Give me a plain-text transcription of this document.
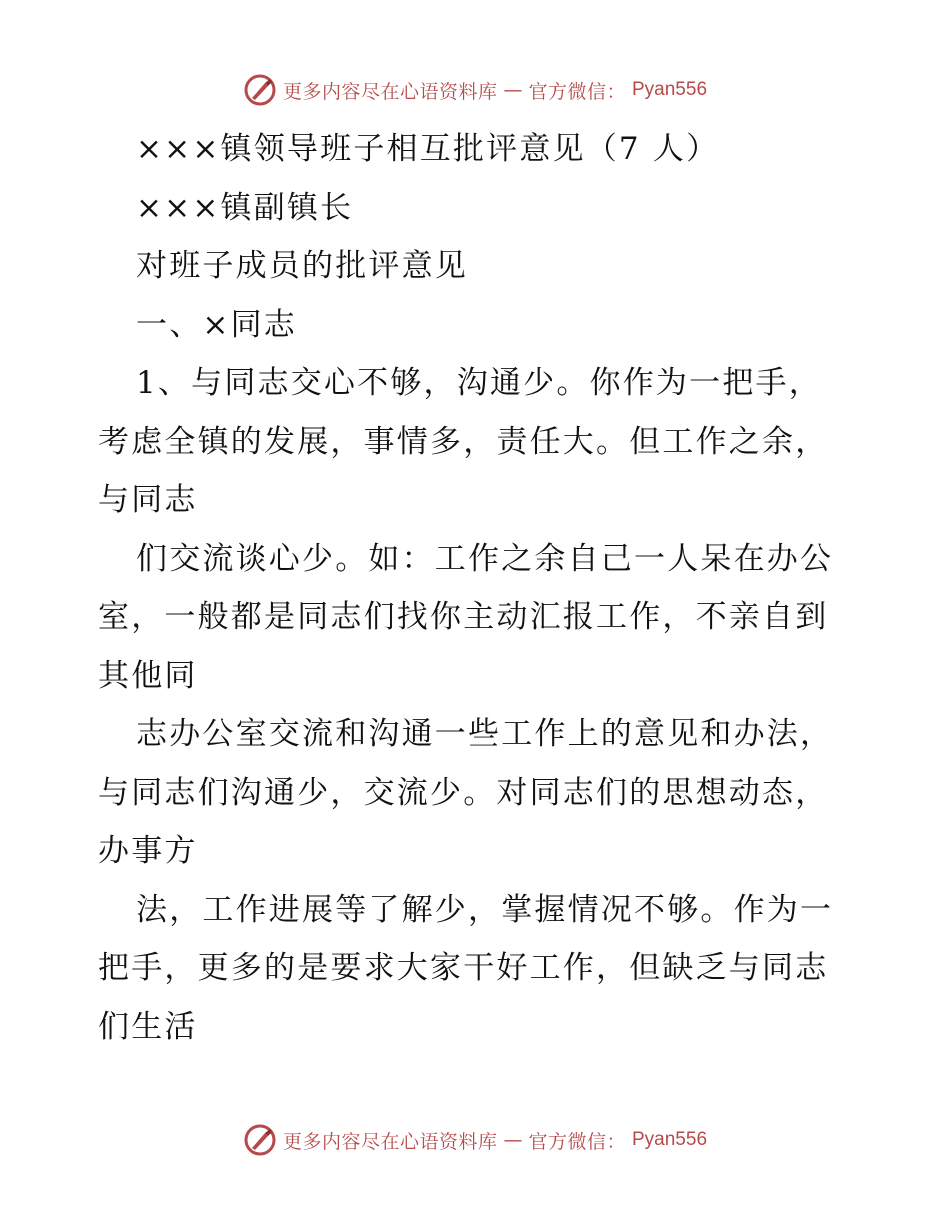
更多内容尽在心语资料库 — 官方微信： Pyan556
×××镇领导班子相互批评意见（7 人）
×××镇副镇长
对班子成员的批评意见
一、×同志
1、与同志交心不够，沟通少。你作为一把手，
考虑全镇的发展，事情多，责任大。但工作之余，
与同志
们交流谈心少。如：工作之余自己一人呆在办公
室，一般都是同志们找你主动汇报工作，不亲自到
其他同
志办公室交流和沟通一些工作上的意见和办法，
与同志们沟通少，交流少。对同志们的思想动态，
办事方
法，工作进展等了解少，掌握情况不够。作为一
把手，更多的是要求大家干好工作，但缺乏与同志
们生活
更多内容尽在心语资料库 — 官方微信： Pyan556
